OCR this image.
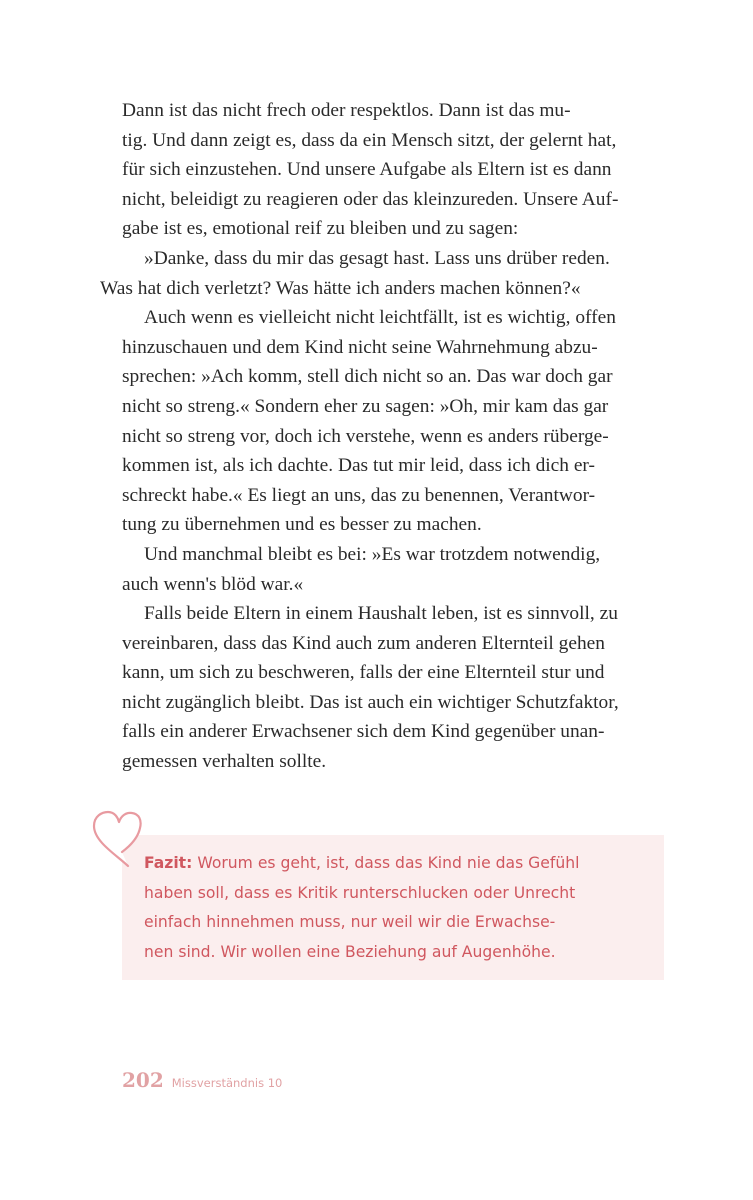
Dann ist das nicht frech oder respektlos. Dann ist das mu-
tig. Und dann zeigt es, dass da ein Mensch sitzt, der gelernt hat,
für sich einzustehen. Und unsere Aufgabe als Eltern ist es dann
nicht, beleidigt zu reagieren oder das kleinzureden. Unsere Auf-
gabe ist es, emotional reif zu bleiben und zu sagen:

»Danke, dass du mir das gesagt hast. Lass uns drüber reden.
Was hat dich verletzt? Was hätte ich anders machen können?«

Auch wenn es vielleicht nicht leichtfällt, ist es wichtig, offen
hinzuschauen und dem Kind nicht seine Wahrnehmung abzu-
sprechen: »Ach komm, stell dich nicht so an. Das war doch gar
nicht so streng.« Sondern eher zu sagen: »Oh, mir kam das gar
nicht so streng vor, doch ich verstehe, wenn es anders rüberge-
kommen ist, als ich dachte. Das tut mir leid, dass ich dich er-
schreckt habe.« Es liegt an uns, das zu benennen, Verantwor-
tung zu übernehmen und es besser zu machen.

Und manchmal bleibt es bei: »Es war trotzdem notwendig,
auch wenn's blöd war.«

Falls beide Eltern in einem Haushalt leben, ist es sinnvoll, zu
vereinbaren, dass das Kind auch zum anderen Elternteil gehen
kann, um sich zu beschweren, falls der eine Elternteil stur und
nicht zugänglich bleibt. Das ist auch ein wichtiger Schutzfaktor,
falls ein anderer Erwachsener sich dem Kind gegenüber unan-
gemessen verhalten sollte.

Fazit: Worum es geht, ist, dass das Kind nie das Gefühl
haben soll, dass es Kritik runterschlucken oder Unrecht
einfach hinnehmen muss, nur weil wir die Erwachse-
nen sind. Wir wollen eine Beziehung auf Augenhöhe.

202 Missverständnis 10
